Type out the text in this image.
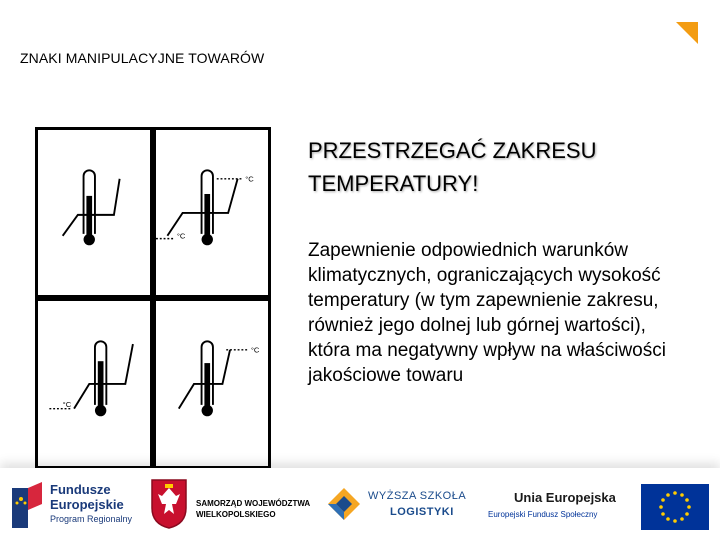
ZNAKI MANIPULACYJNE TOWARÓW
°C
°C
°C
°C
PRZESTRZEGAĆ ZAKRESU
TEMPERATURY!
Zapewnienie odpowiednich warunków klimatycznych, ograniczających wysokość temperatury (w tym zapewnienie zakresu, również jego dolnej lub górnej wartości), która ma negatywny wpływ na właściwości jakościowe towaru
Fundusze
Europejskie
Program Regionalny
SAMORZĄD WOJEWÓDZTWA
WIELKOPOLSKIEGO
WYŻSZA SZKOŁA
LOGISTYKI
Unia Europejska
Europejski Fundusz Społeczny
